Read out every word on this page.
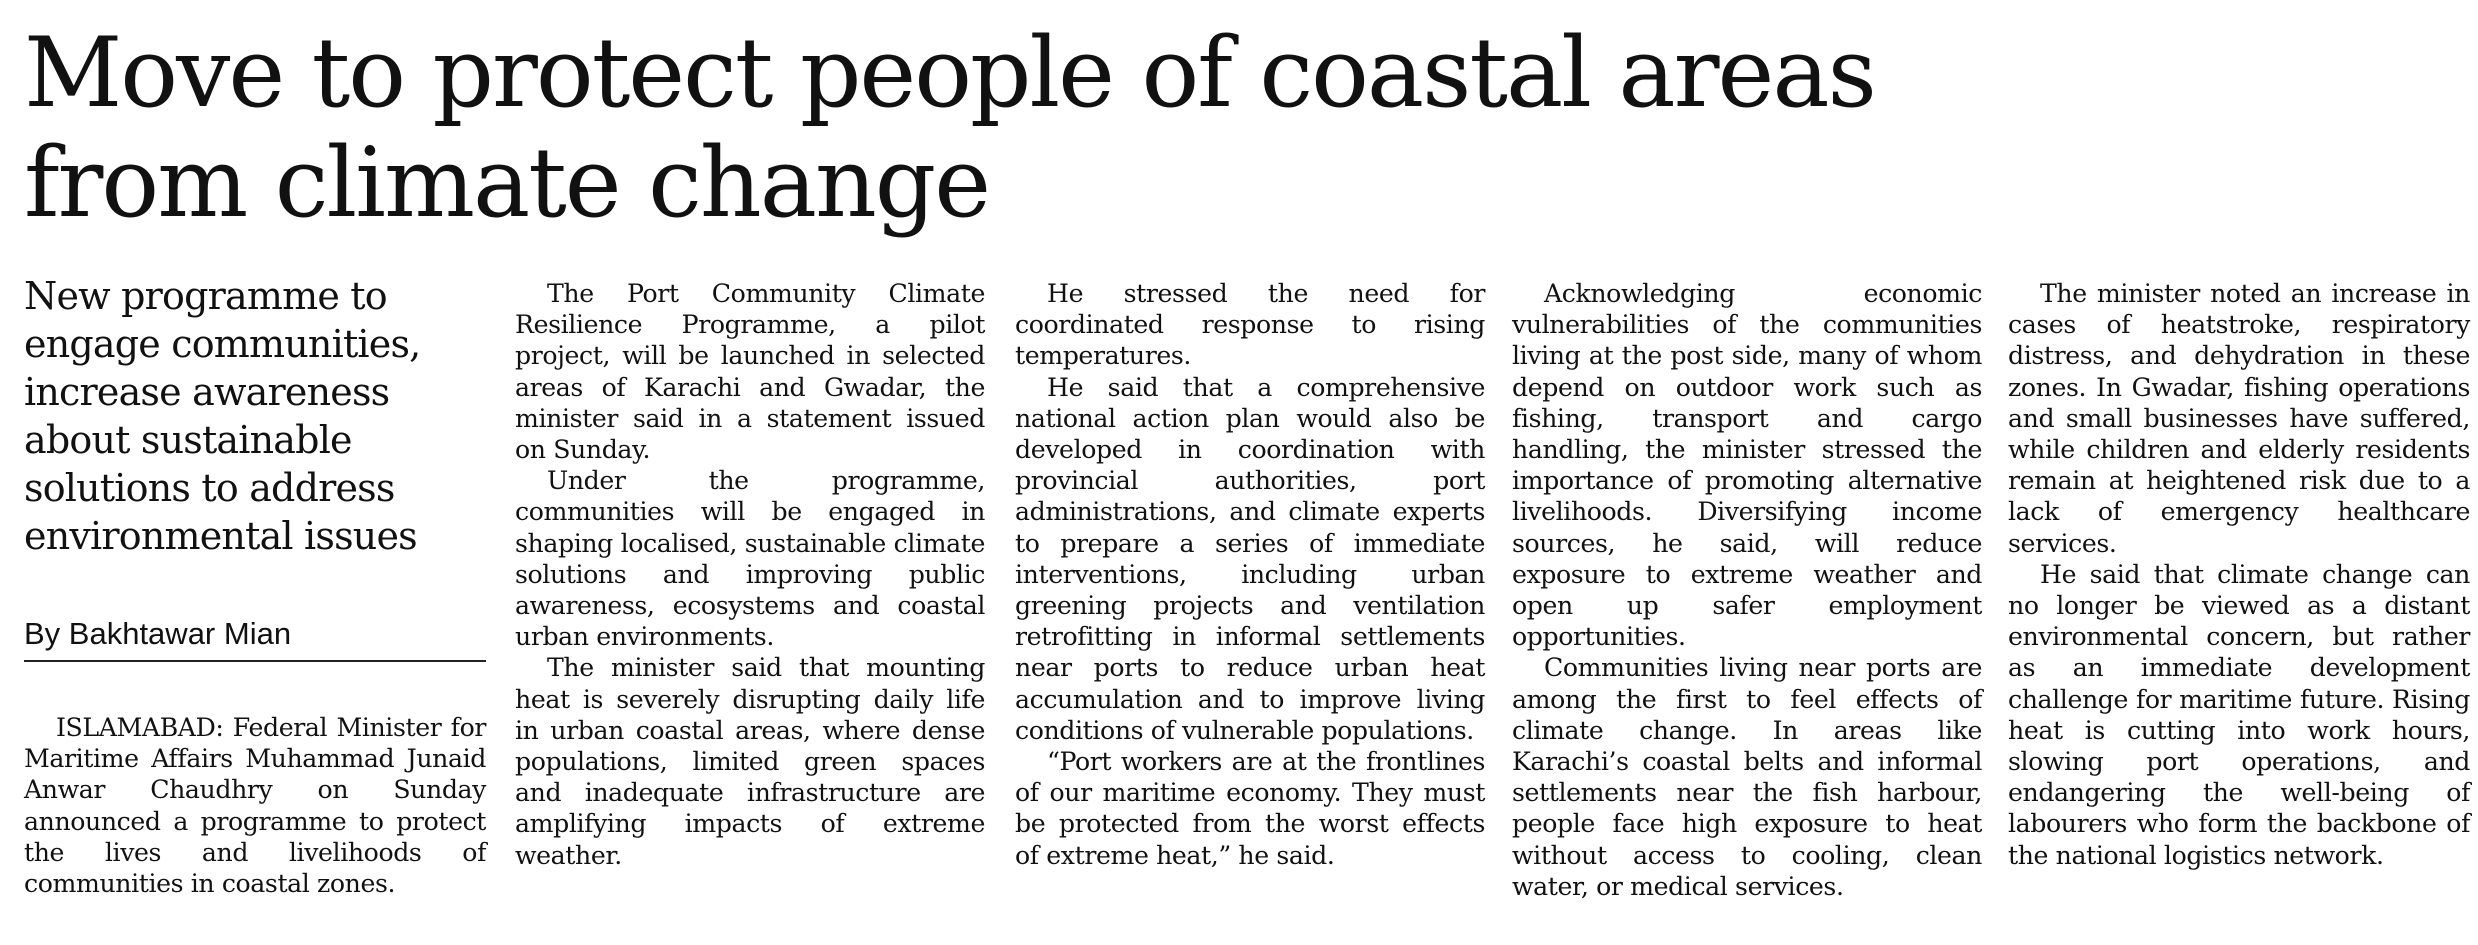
Move to protect people of coastal areas
from climate change
New programme to engage communities, increase awareness about sustainable solutions to address environmental issues
By Bakhtawar Mian

ISLAMABAD: Federal Minister for Maritime Affairs Muhammad Junaid Anwar Chaudhry on Sunday announced a programme to protect the lives and livelihoods of communities in coastal zones.

The Port Community Climate Resilience Programme, a pilot project, will be launched in selected areas of Karachi and Gwadar, the minister said in a statement issued on Sunday.

Under the programme, communities will be engaged in shaping localised, sustainable climate solutions and improving public awareness, ecosystems and coastal urban environments.

The minister said that mounting heat is severely disrupting daily life in urban coastal areas, where dense populations, limited green spaces and inadequate infrastructure are amplifying impacts of extreme weather.

He stressed the need for coordinated response to rising temperatures.

He said that a comprehensive national action plan would also be developed in coordination with provincial authorities, port administrations, and climate experts to prepare a series of immediate interventions, including urban greening projects and ventilation retrofitting in informal settlements near ports to reduce urban heat accumulation and to improve living conditions of vulnerable populations.

“Port workers are at the frontlines of our maritime economy. They must be protected from the worst effects of extreme heat,” he said.

Acknowledging economic vulnerabilities of the communities living at the post side, many of whom depend on outdoor work such as fishing, transport and cargo handling, the minister stressed the importance of promoting alternative livelihoods. Diversifying income sources, he said, will reduce exposure to extreme weather and open up safer employment opportunities.

Communities living near ports are among the first to feel effects of climate change. In areas like Karachi’s coastal belts and informal settlements near the fish harbour, people face high exposure to heat without access to cooling, clean water, or medical services.

The minister noted an increase in cases of heatstroke, respiratory distress, and dehydration in these zones. In Gwadar, fishing operations and small businesses have suffered, while children and elderly residents remain at heightened risk due to a lack of emergency healthcare services.

He said that climate change can no longer be viewed as a distant environmental concern, but rather as an immediate development challenge for maritime future. Rising heat is cutting into work hours, slowing port operations, and endangering the well-being of labourers who form the backbone of the national logistics network.
